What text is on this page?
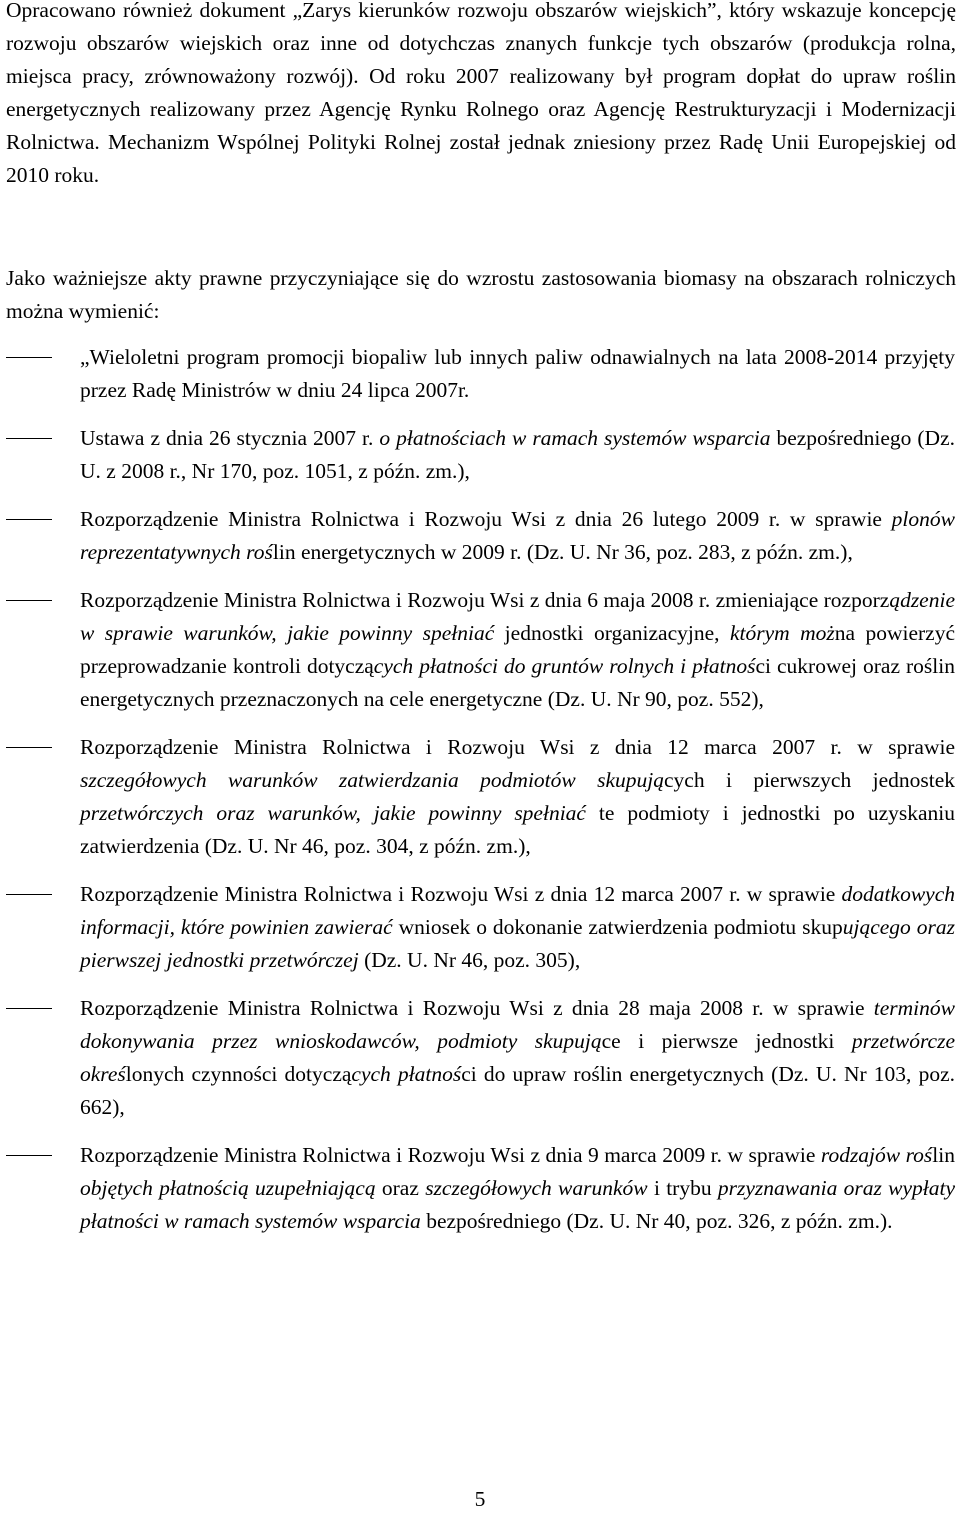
Opracowano również dokument „Zarys kierunków rozwoju obszarów wiejskich”, który wskazuje koncepcję rozwoju obszarów wiejskich oraz inne od dotychczas znanych funkcje tych obszarów (produkcja rolna, miejsca pracy, zrównoważony rozwój). Od roku 2007 realizowany był program dopłat do upraw roślin energetycznych realizowany przez Agencję Rynku Rolnego oraz Agencję Restrukturyzacji i Modernizacji Rolnictwa. Mechanizm Wspólnej Polityki Rolnej został jednak zniesiony przez Radę Unii Europejskiej od 2010 roku.

Jako ważniejsze akty prawne przyczyniające się do wzrostu zastosowania biomasy na obszarach rolniczych można wymienić:

„Wieloletni program promocji biopaliw lub innych paliw odnawialnych na lata 2008-2014 przyjęty przez Radę Ministrów w dniu 24 lipca 2007r.
Ustawa z dnia 26 stycznia 2007 r. o płatnościach w ramach systemów wsparcia bezpośredniego (Dz. U. z 2008 r., Nr 170, poz. 1051, z późn. zm.),
Rozporządzenie Ministra Rolnictwa i Rozwoju Wsi z dnia 26 lutego 2009 r. w sprawie plonów reprezentatywnych roślin energetycznych w 2009 r. (Dz. U. Nr 36, poz. 283, z późn. zm.),
Rozporządzenie Ministra Rolnictwa i Rozwoju Wsi z dnia 6 maja 2008 r. zmieniające rozporządzenie w sprawie warunków, jakie powinny spełniać jednostki organizacyjne, którym można powierzyć przeprowadzanie kontroli dotyczących płatności do gruntów rolnych i płatności cukrowej oraz roślin energetycznych przeznaczonych na cele energetyczne (Dz. U. Nr 90, poz. 552),
Rozporządzenie Ministra Rolnictwa i Rozwoju Wsi z dnia 12 marca 2007 r. w sprawie szczegółowych warunków zatwierdzania podmiotów skupujących i pierwszych jednostek przetwórczych oraz warunków, jakie powinny spełniać te podmioty i jednostki po uzyskaniu zatwierdzenia (Dz. U. Nr 46, poz. 304, z późn. zm.),
Rozporządzenie Ministra Rolnictwa i Rozwoju Wsi z dnia 12 marca 2007 r. w sprawie dodatkowych informacji, które powinien zawierać wniosek o dokonanie zatwierdzenia podmiotu skupującego oraz pierwszej jednostki przetwórczej (Dz. U. Nr 46, poz. 305),
Rozporządzenie Ministra Rolnictwa i Rozwoju Wsi z dnia 28 maja 2008 r. w sprawie terminów dokonywania przez wnioskodawców, podmioty skupujące i pierwsze jednostki przetwórcze określonych czynności dotyczących płatności do upraw roślin energetycznych (Dz. U. Nr 103, poz. 662),
Rozporządzenie Ministra Rolnictwa i Rozwoju Wsi z dnia 9 marca 2009 r. w sprawie rodzajów roślin objętych płatnością uzupełniającą oraz szczegółowych warunków i trybu przyznawania oraz wypłaty płatności w ramach systemów wsparcia bezpośredniego (Dz. U. Nr 40, poz. 326, z późn. zm.).
5
